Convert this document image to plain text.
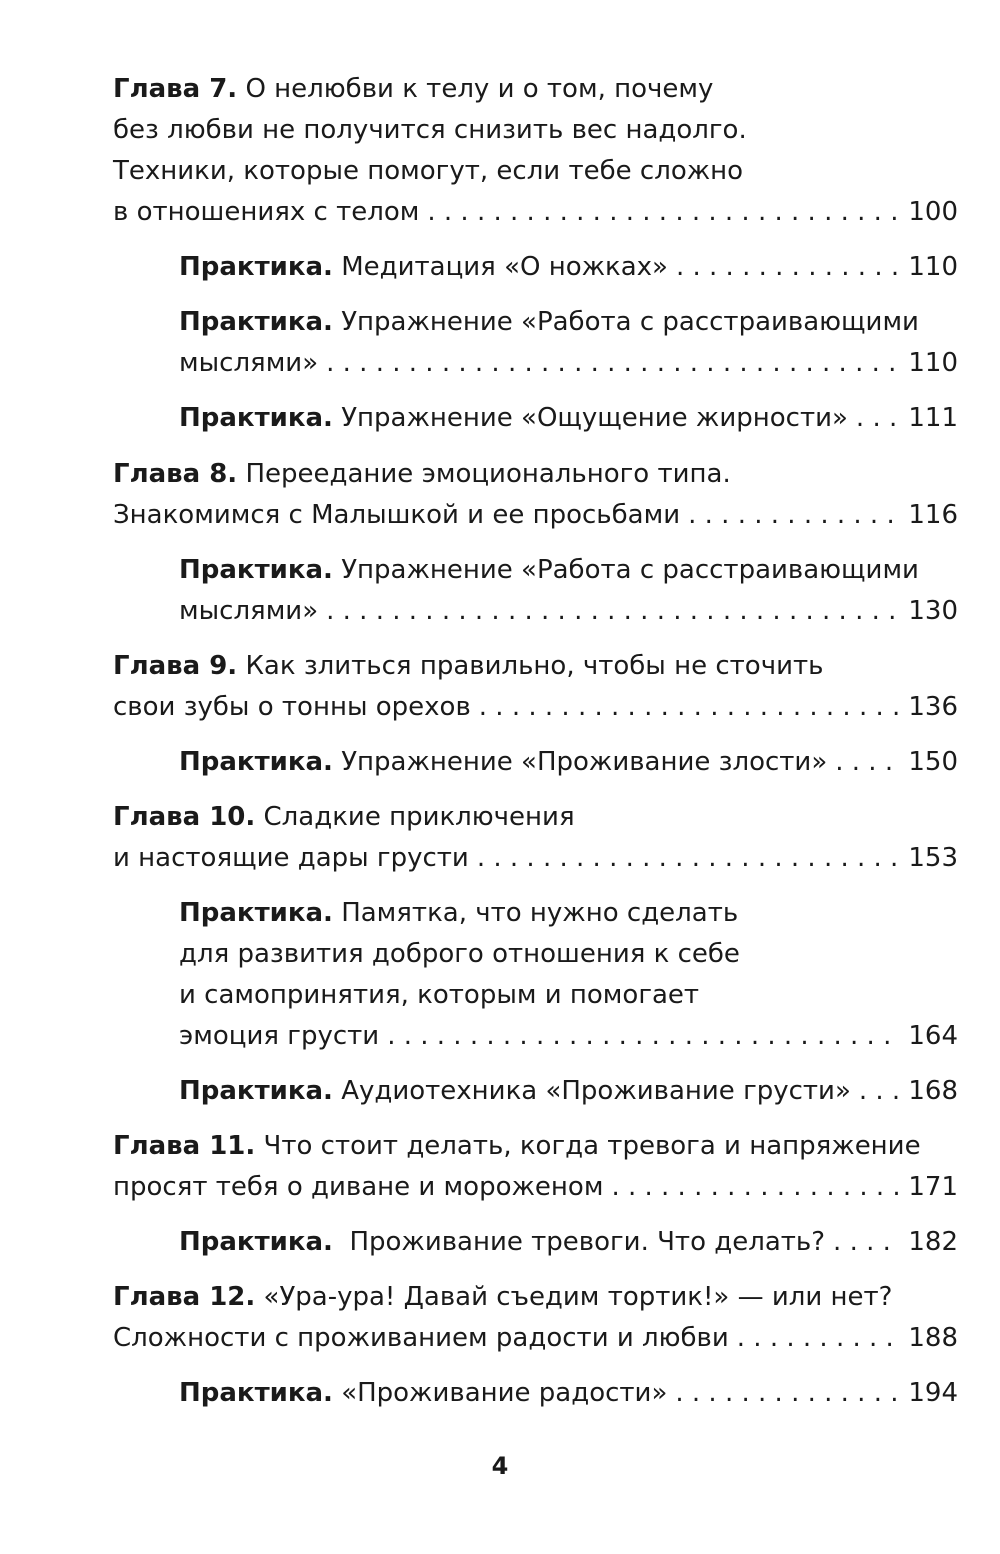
Глава 7.
О нелюбви к телу и о том, почему
без любви не получится снизить вес надолго.
Техники, которые помогут, если тебе сложно
в отношениях с телом . . .	100
Практика.
Медитация «О ножках» . . .	110
Практика.
Упражнение «Работа с расстраивающими
мыслями» . . .	110
Практика.
Упражнение «Ощущение жирности» . . . 111
Глава 8.
Переедание эмоционального типа.
Знакомимся с Малышкой и ее просьбами . . .	116
Практика.
Упражнение «Работа с расстраивающими
мыслями» . . .	130
Глава 9.
Как злиться правильно, чтобы не сточить
свои зубы о тонны орехов . . .	136
Практика.
Упражнение «Проживание злости» . . .	150
Глава 10.
Сладкие приключения
и настоящие дары грусти . . .	153
Практика.
Памятка, что нужно сделать
для развития доброго отношения к себе
и самопринятия, которым и помогает
эмоция грусти . . .	164
Практика.
Аудиотехника «Проживание грусти» . . . 168
Глава 11.
Что стоит делать, когда тревога и напряжение
просят тебя о диване и мороженом . . .	171
Практика.
Проживание тревоги. Что делать? . . .	182
Глава 12.
«Ура-ура! Давай съедим тортик!» — или нет?
Сложности с проживанием радости и любви . . .	188
Практика.
«Проживание радости» . . .	194
4
